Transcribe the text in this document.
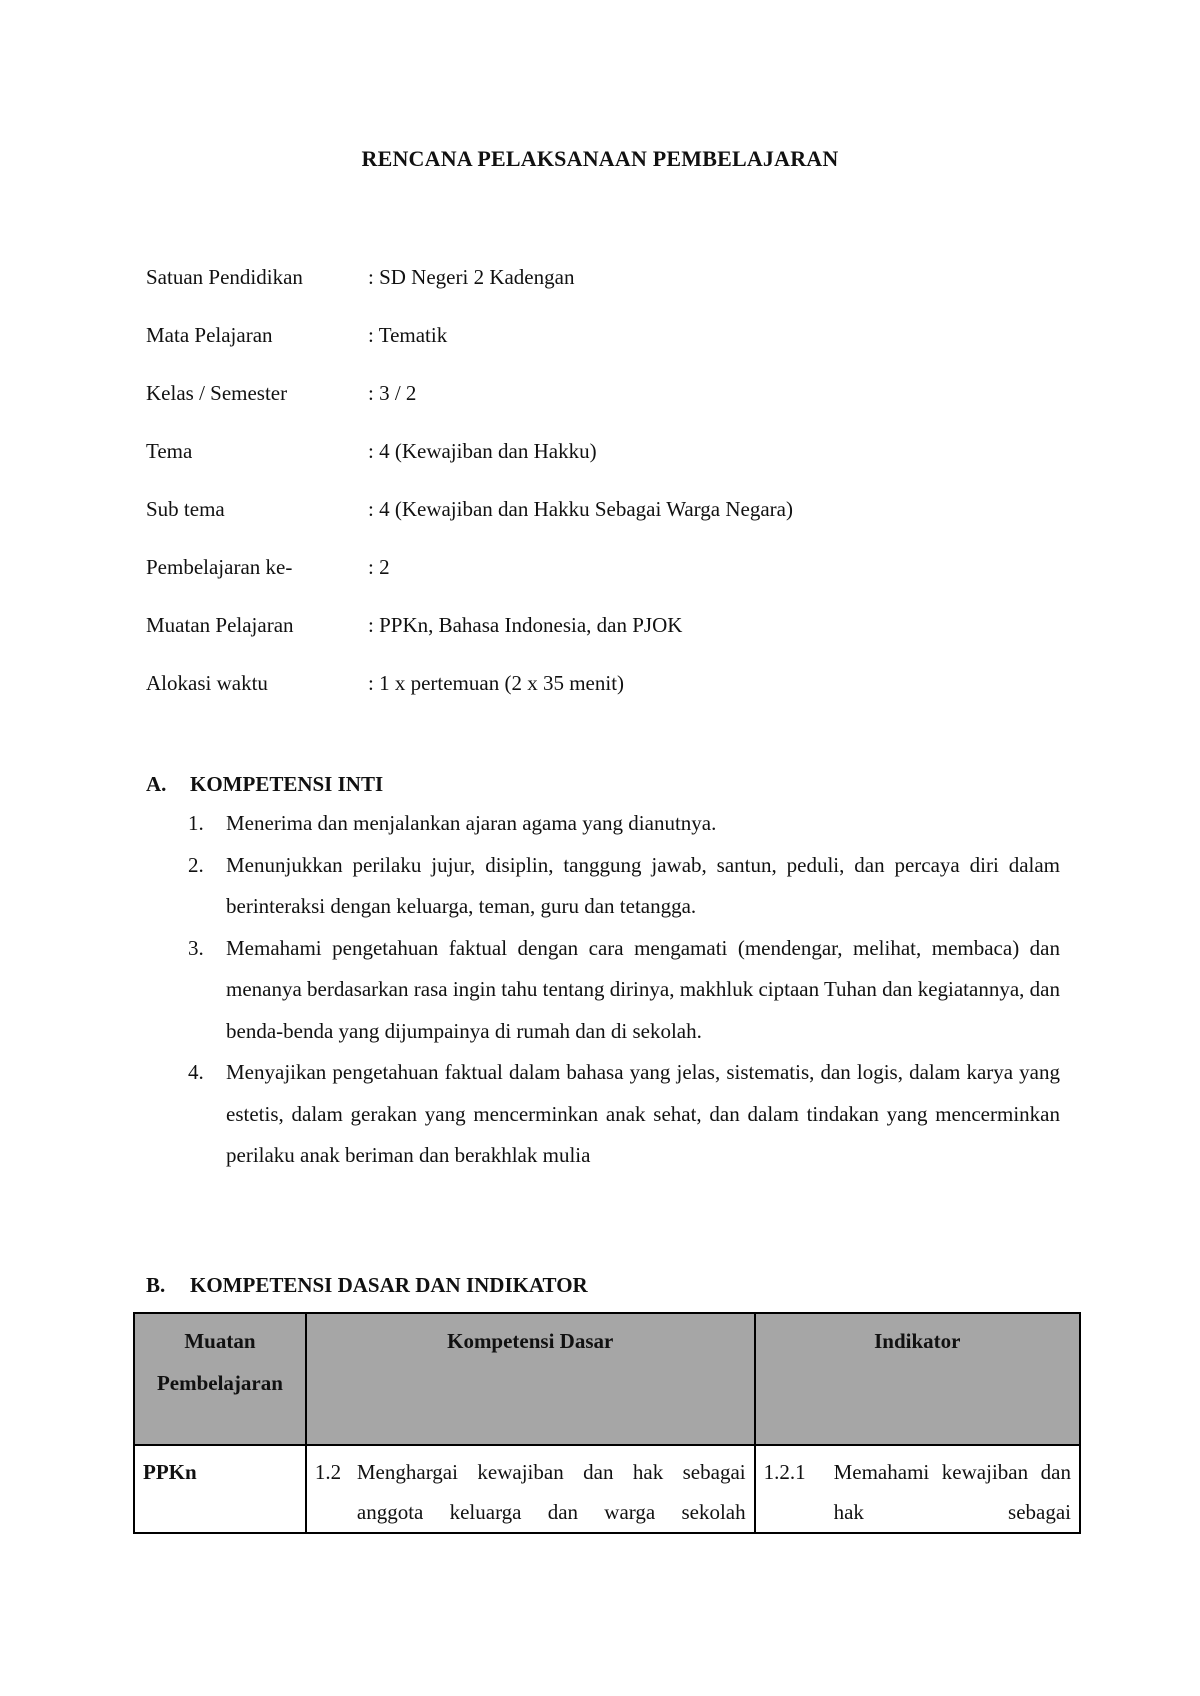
RENCANA PELAKSANAAN PEMBELAJARAN
Satuan Pendidikan	: SD Negeri 2 Kadengan
Mata Pelajaran	: Tematik
Kelas / Semester	: 3 / 2
Tema	: 4 (Kewajiban dan Hakku)
Sub tema	: 4 (Kewajiban dan Hakku Sebagai Warga Negara)
Pembelajaran ke-	: 2
Muatan Pelajaran	: PPKn, Bahasa Indonesia, dan PJOK
Alokasi waktu	: 1 x pertemuan (2 x 35 menit)
A. KOMPETENSI INTI
1.	Menerima dan menjalankan ajaran agama yang dianutnya.
2.	Menunjukkan perilaku jujur, disiplin, tanggung jawab, santun, peduli, dan percaya diri dalam berinteraksi dengan keluarga, teman, guru dan tetangga.
3.	Memahami pengetahuan faktual dengan cara mengamati (mendengar, melihat, membaca) dan menanya berdasarkan rasa ingin tahu tentang dirinya, makhluk ciptaan Tuhan dan kegiatannya, dan benda-benda yang dijumpainya di rumah dan di sekolah.
4.	Menyajikan pengetahuan faktual dalam bahasa yang jelas, sistematis, dan logis, dalam karya yang estetis, dalam gerakan yang mencerminkan anak sehat, dan dalam tindakan yang mencerminkan perilaku anak beriman dan berakhlak mulia
B. KOMPETENSI DASAR DAN INDIKATOR
Muatan Pembelajaran	Kompetensi Dasar	Indikator
PPKn	1.2 Menghargai kewajiban dan hak sebagai anggota keluarga dan warga sekolah	1.2.1 Memahami kewajiban dan hak sebagai
